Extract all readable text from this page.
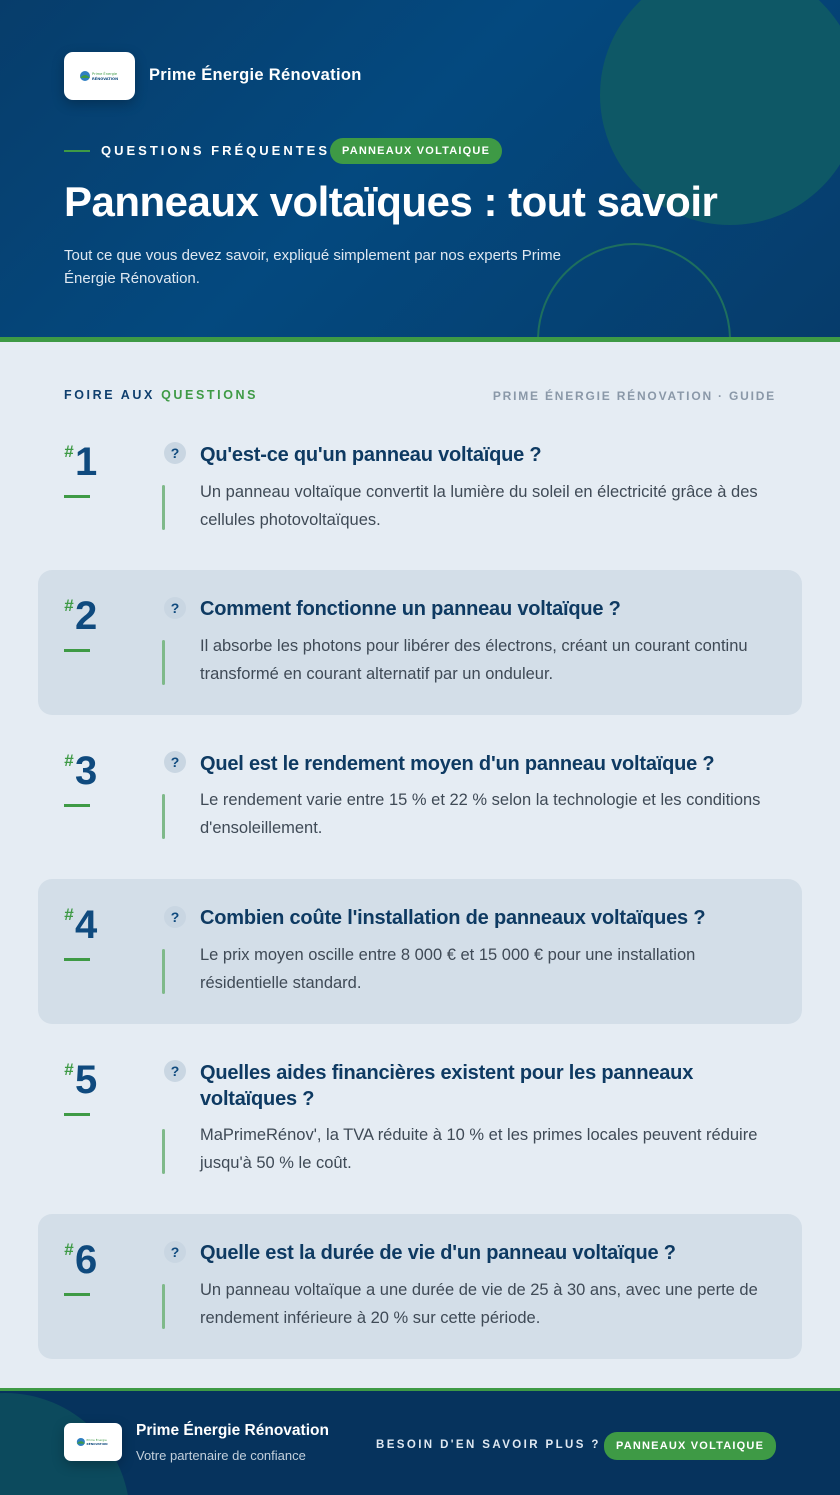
Prime Énergie
RÉNOVATION Prime Énergie Rénovation
QUESTIONS FRÉQUENTES	PANNEAUX VOLTAIQUE
Panneaux voltaïques : tout savoir

Tout ce que vous devez savoir, expliqué simplement par nos experts Prime Énergie Rénovation.

FOIRE AUX QUESTIONS	PRIME ÉNERGIE RÉNOVATION · GUIDE
# 1	?	Qu'est-ce qu'un panneau voltaïque ?
Un panneau voltaïque convertit la lumière du soleil en électricité grâce à des cellules photovoltaïques.
# 2	?	Comment fonctionne un panneau voltaïque ?
Il absorbe les photons pour libérer des électrons, créant un courant continu transformé en courant alternatif par un onduleur.
# 3	?	Quel est le rendement moyen d'un panneau voltaïque ?
Le rendement varie entre 15 % et 22 % selon la technologie et les conditions d'ensoleillement.
# 4	?	Combien coûte l'installation de panneaux voltaïques ?
Le prix moyen oscille entre 8 000 € et 15 000 € pour une installation résidentielle standard.
# 5	?	Quelles aides financières existent pour les panneaux voltaïques ?
MaPrimeRénov', la TVA réduite à 10 % et les primes locales peuvent réduire jusqu'à 50 % le coût.
# 6	?	Quelle est la durée de vie d'un panneau voltaïque ?
Un panneau voltaïque a une durée de vie de 25 à 30 ans, avec une perte de rendement inférieure à 20 % sur cette période.
Prime Énergie
RÉNOVATION
Prime Énergie Rénovation
Votre partenaire de confiance
BESOIN D'EN SAVOIR PLUS ?	PANNEAUX VOLTAIQUE
